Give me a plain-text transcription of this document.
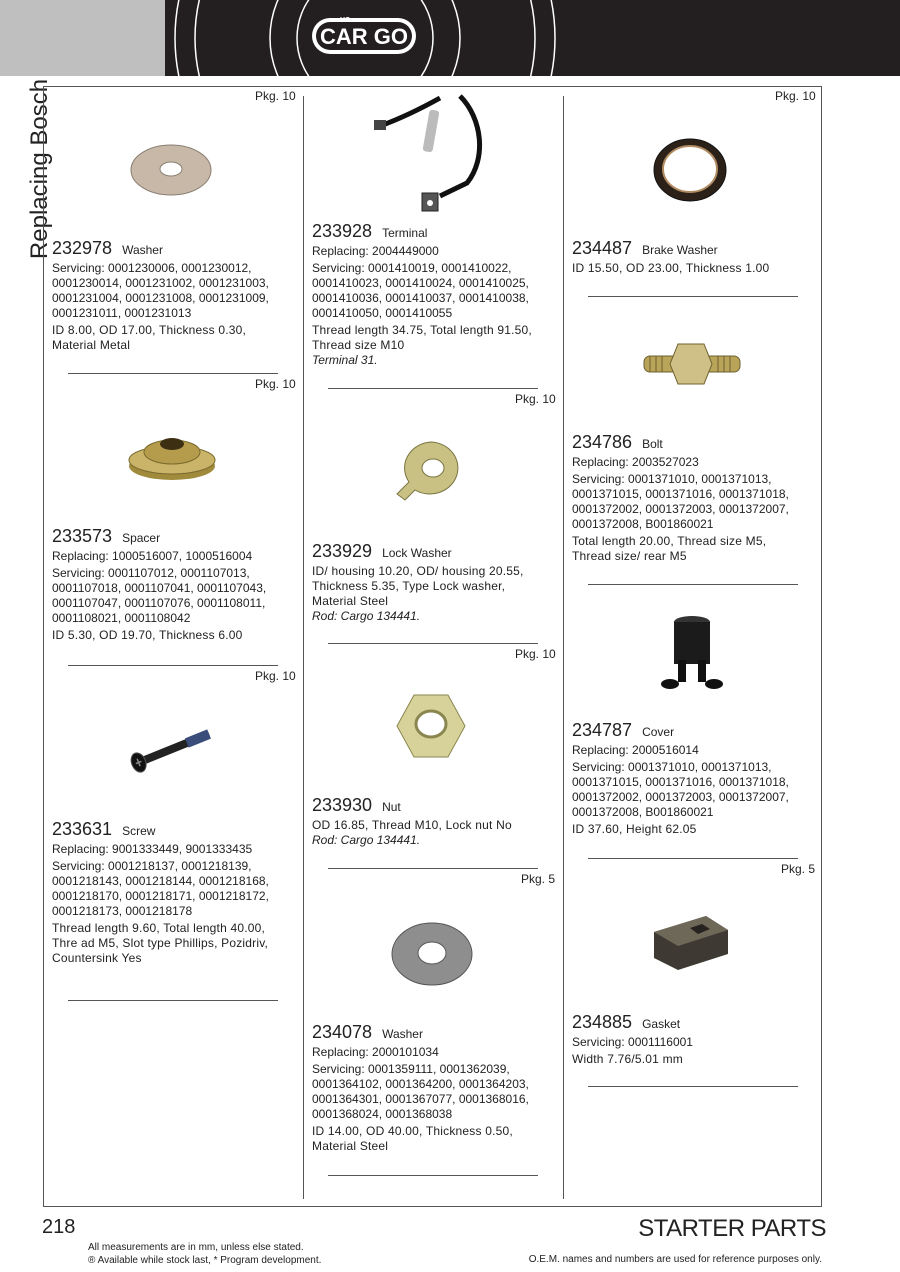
CAR GO
HC
Replacing Bosch	Pkg. 10
232978 Washer
Servicing: 0001230006, 0001230012, 0001230014, 0001231002, 0001231003, 0001231004, 0001231008, 0001231009, 0001231011, 0001231013
ID 8.00, OD 17.00, Thickness 0.30, Material Metal
Pkg. 10
233573 Spacer
Replacing: 1000516007, 1000516004
Servicing: 0001107012, 0001107013, 0001107018, 0001107041, 0001107043, 0001107047, 0001107076, 0001108011, 0001108021, 0001108042
ID 5.30, OD 19.70, Thickness 6.00
Pkg. 10
233631 Screw
Replacing: 9001333449, 9001333435
Servicing: 0001218137, 0001218139, 0001218143, 0001218144, 0001218168, 0001218170, 0001218171, 0001218172, 0001218173, 0001218178
Thread length 9.60, Total length 40.00, Thre ad M5, Slot type Phillips, Pozidriv, Countersink Yes
233928 Terminal
Replacing: 2004449000
Servicing: 0001410019, 0001410022, 0001410023, 0001410024, 0001410025, 0001410036, 0001410037, 0001410038, 0001410050, 0001410055
Thread length 34.75, Total length 91.50, Thread size M10
Terminal 31.
Pkg. 10
233929 Lock Washer
ID/ housing 10.20, OD/ housing 20.55, Thickness 5.35, Type Lock washer, Material Steel
Rod: Cargo 134441.
Pkg. 10
233930 Nut
OD 16.85, Thread M10, Lock nut No
Rod: Cargo 134441.
Pkg. 5
234078 Washer
Replacing: 2000101034
Servicing: 0001359111, 0001362039, 0001364102, 0001364200, 0001364203, 0001364301, 0001367077, 0001368016, 0001368024, 0001368038
ID 14.00, OD 40.00, Thickness 0.50, Material Steel
Pkg. 10
234487 Brake Washer
ID 15.50, OD 23.00, Thickness 1.00
234786 Bolt
Replacing: 2003527023
Servicing: 0001371010, 0001371013, 0001371015, 0001371016, 0001371018, 0001372002, 0001372003, 0001372007, 0001372008, B001860021
Total length 20.00, Thread size M5, Thread size/ rear M5
234787 Cover
Replacing: 2000516014
Servicing: 0001371010, 0001371013, 0001371015, 0001371016, 0001371018, 0001372002, 0001372003, 0001372007, 0001372008, B001860021
ID 37.60, Height 62.05
Pkg. 5
234885 Gasket
Servicing: 0001116001
Width 7.76/5.01 mm
218	STARTER PARTS
All measurements are in mm, unless else stated.
® Available while stock last, * Program development.	O.E.M. names and numbers are used for reference purposes only.
